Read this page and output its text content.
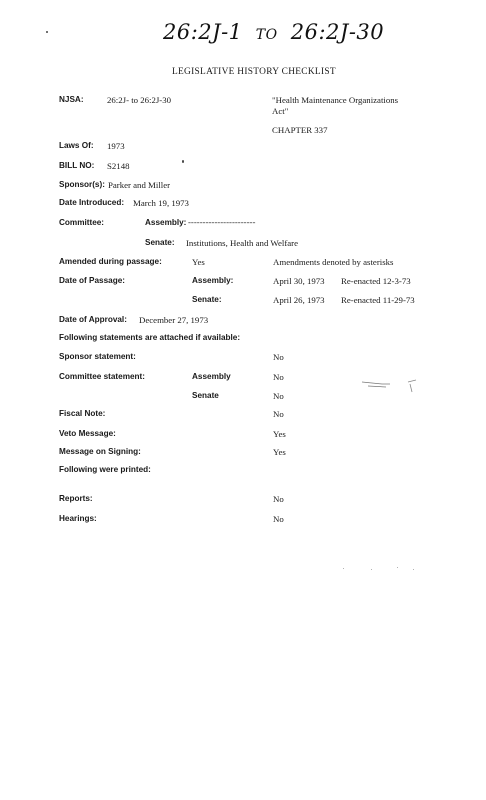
26:2J-1 TO 26:2J-30
LEGISLATIVE HISTORY CHECKLIST
NJSA:	26:2J- to 26:2J-30	"Health Maintenance Organizations
Act"
CHAPTER 337
Laws Of: 1973
BILL NO: S2148
Sponsor(s): Parker and Miller
Date Introduced: March 19, 1973
Committee:	Assembly: -----------------------
Senate: Institutions, Health and Welfare
Amended during passage:	Yes	Amendments denoted by asterisks
Date of Passage:	Assembly:	April 30, 1973 Re-enacted 12-3-73
Senate:	April 26, 1973 Re-enacted 11-29-73
Date of Approval: December 27, 1973
Following statements are attached if available:
Sponsor statement:	No
Committee statement:	Assembly	No
Senate	No
Fiscal Note:	No
Veto Message:	Yes
Message on Signing:	Yes
Following were printed:
Reports:	No
Hearings:	No
